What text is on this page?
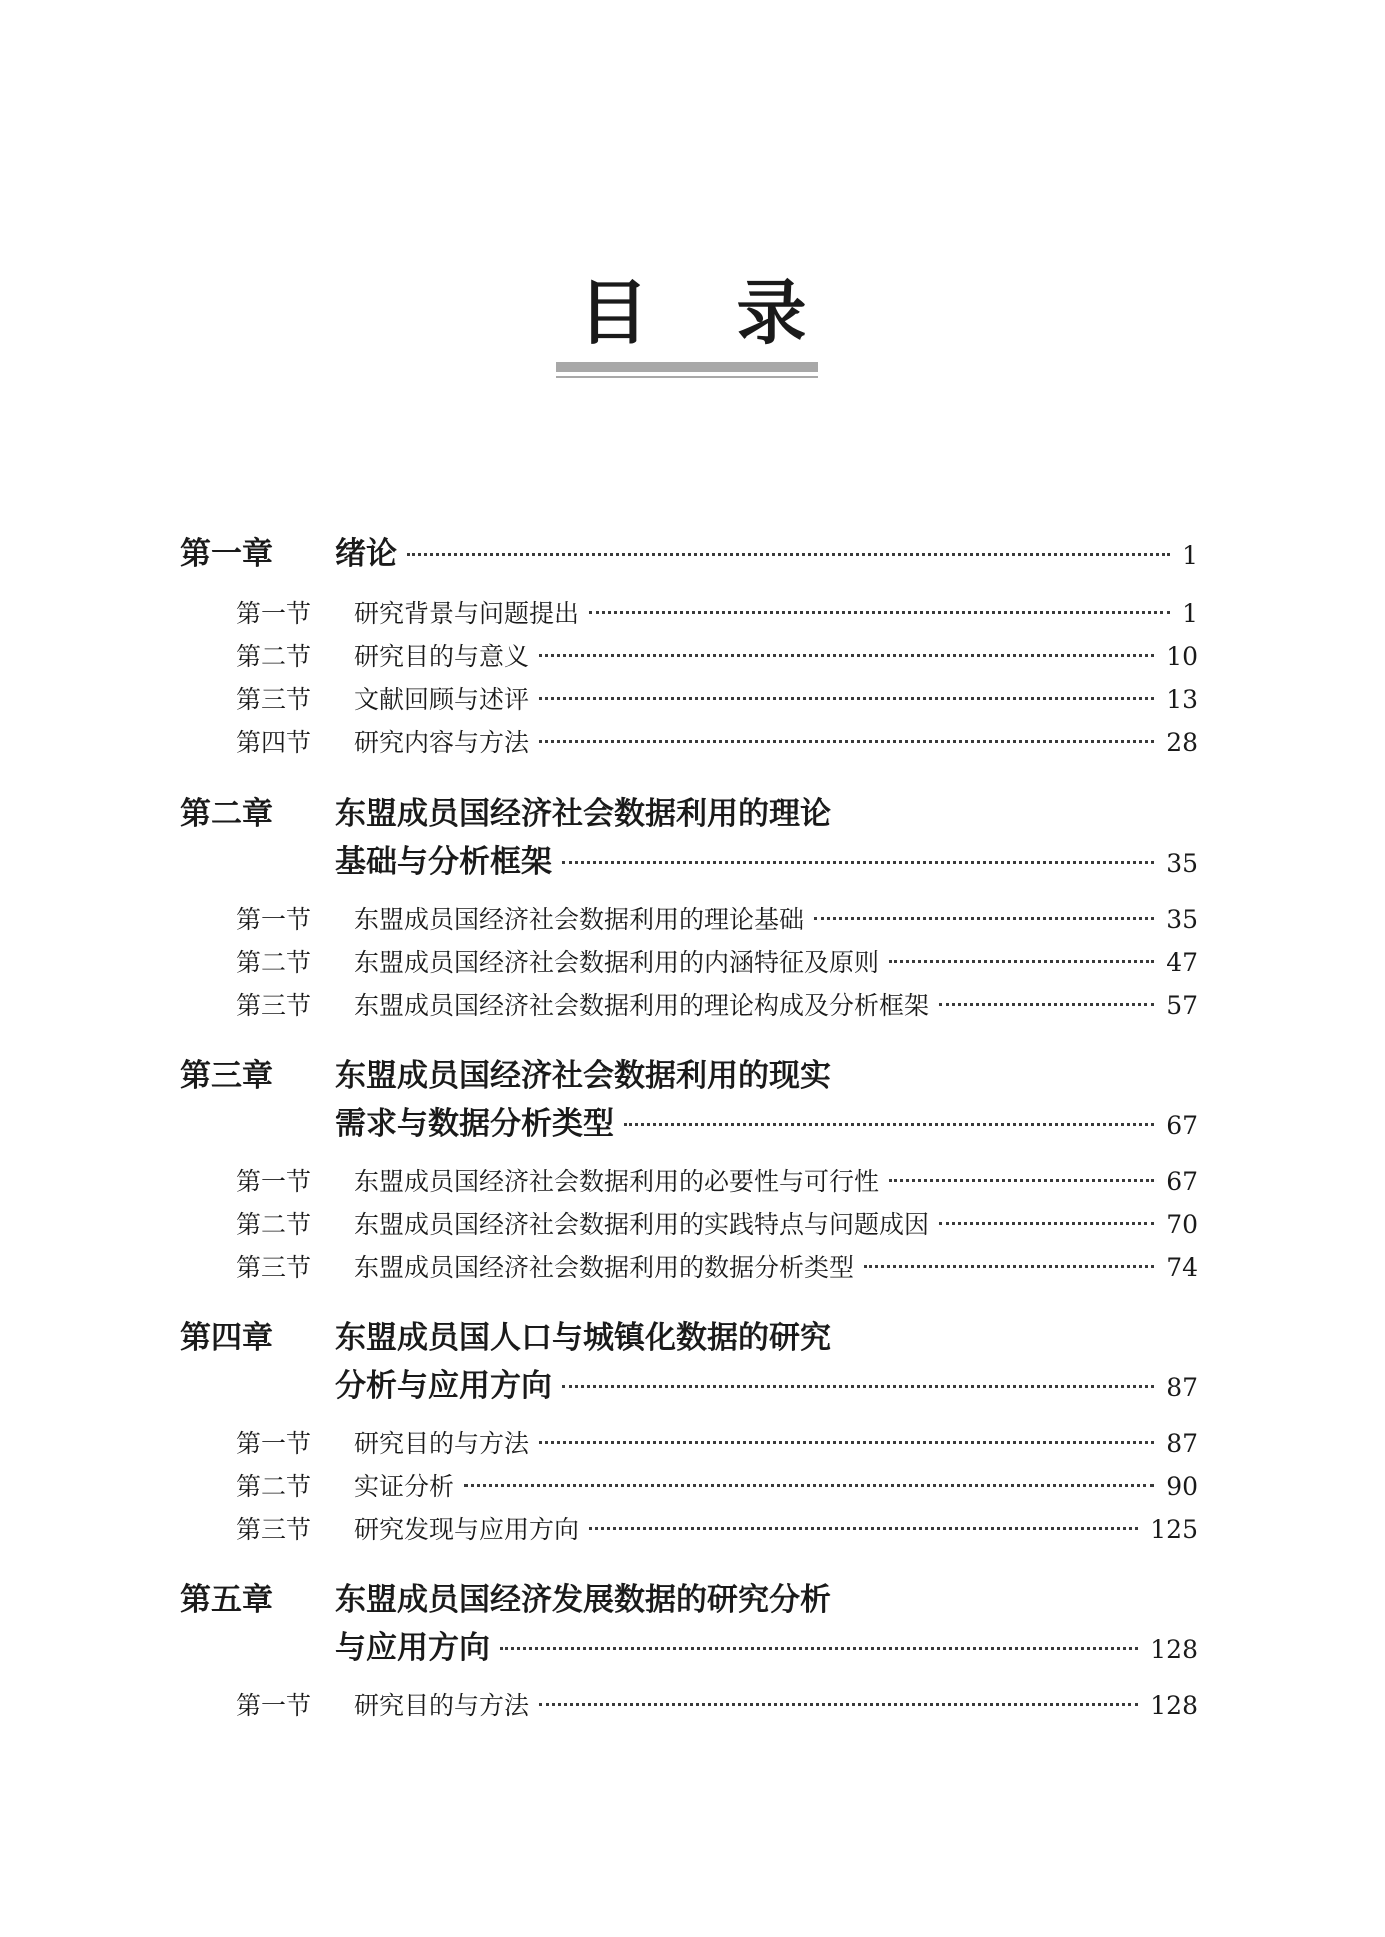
目 录
第一章	绪论	1
第一节	研究背景与问题提出	1
第二节	研究目的与意义	10
第三节	文献回顾与述评	13
第四节	研究内容与方法	28
第二章	东盟成员国经济社会数据利用的理论
基础与分析框架	35
第一节	东盟成员国经济社会数据利用的理论基础	35
第二节	东盟成员国经济社会数据利用的内涵特征及原则	47
第三节	东盟成员国经济社会数据利用的理论构成及分析框架	57
第三章	东盟成员国经济社会数据利用的现实
需求与数据分析类型	67
第一节	东盟成员国经济社会数据利用的必要性与可行性	67
第二节	东盟成员国经济社会数据利用的实践特点与问题成因	70
第三节	东盟成员国经济社会数据利用的数据分析类型	74
第四章	东盟成员国人口与城镇化数据的研究
分析与应用方向	87
第一节	研究目的与方法	87
第二节	实证分析	90
第三节	研究发现与应用方向	125
第五章	东盟成员国经济发展数据的研究分析
与应用方向	128
第一节	研究目的与方法	128
